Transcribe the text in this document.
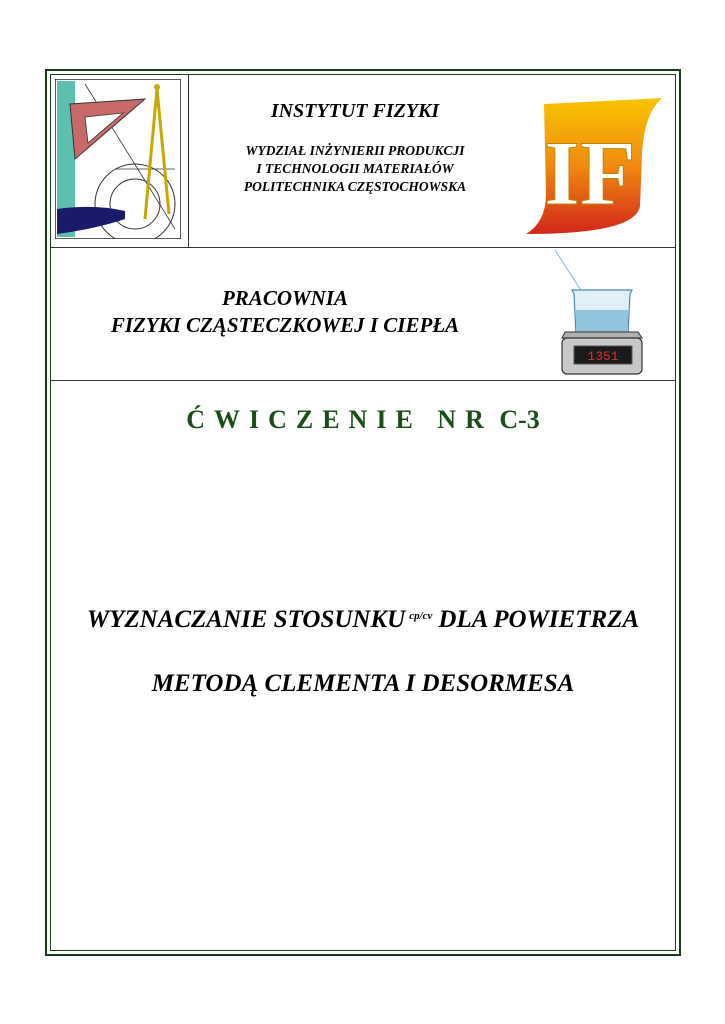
IF
INSTYTUT FIZYKI
WYDZIAŁ INŻYNIERII PRODUKCJI
I TECHNOLOGII MATERIAŁÓW
POLITECHNIKA CZĘSTOCHOWSKA
PRACOWNIA
FIZYKI CZĄSTECZKOWEJ I CIEPŁA
1351
ĆWICZENIE NR C-3
WYZNACZANIE STOSUNKU $^{cp/cv}$ DLA POWIETRZA
METODĄ CLEMENTA I DESORMESA
